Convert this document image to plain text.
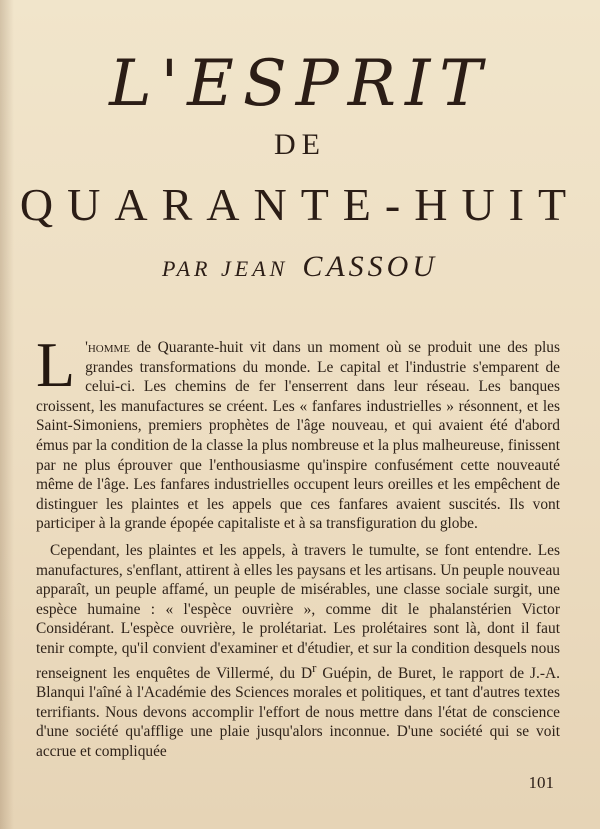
L'ESPRIT
DE
QUARANTE-HUIT
PAR JEAN CASSOU

L 'homme de Quarante-huit vit dans un moment où se produit une des plus grandes transformations du monde. Le capital et l'industrie s'emparent de celui-ci. Les chemins de fer l'enserrent dans leur réseau. Les banques croissent, les manufactures se créent. Les « fanfares industrielles » résonnent, et les Saint-Simoniens, premiers prophètes de l'âge nouveau, et qui avaient été d'abord émus par la condition de la classe la plus nombreuse et la plus malheureuse, finissent par ne plus éprouver que l'enthousiasme qu'inspire confusément cette nouveauté même de l'âge. Les fanfares industrielles occupent leurs oreilles et les empêchent de distinguer les plaintes et les appels que ces fanfares avaient suscités. Ils vont participer à la grande épopée capitaliste et à sa transfiguration du globe.

Cependant, les plaintes et les appels, à travers le tumulte, se font entendre. Les manufactures, s'enflant, attirent à elles les paysans et les artisans. Un peuple nouveau apparaît, un peuple affamé, un peuple de misérables, une classe sociale surgit, une espèce humaine : « l'espèce ouvrière », comme dit le phalanstérien Victor Considérant. L'espèce ouvrière, le prolétariat. Les prolétaires sont là, dont il faut tenir compte, qu'il convient d'examiner et d'étudier, et sur la condition desquels nous renseignent les enquêtes de Villermé, du $D^r$ Guépin, de Buret, le rapport de J.-A. Blanqui l'aîné à l'Académie des Sciences morales et politiques, et tant d'autres textes terrifiants. Nous devons accomplir l'effort de nous mettre dans l'état de conscience d'une société qu'afflige une plaie jusqu'alors inconnue. D'une société qui se voit accrue et compliquée

101
